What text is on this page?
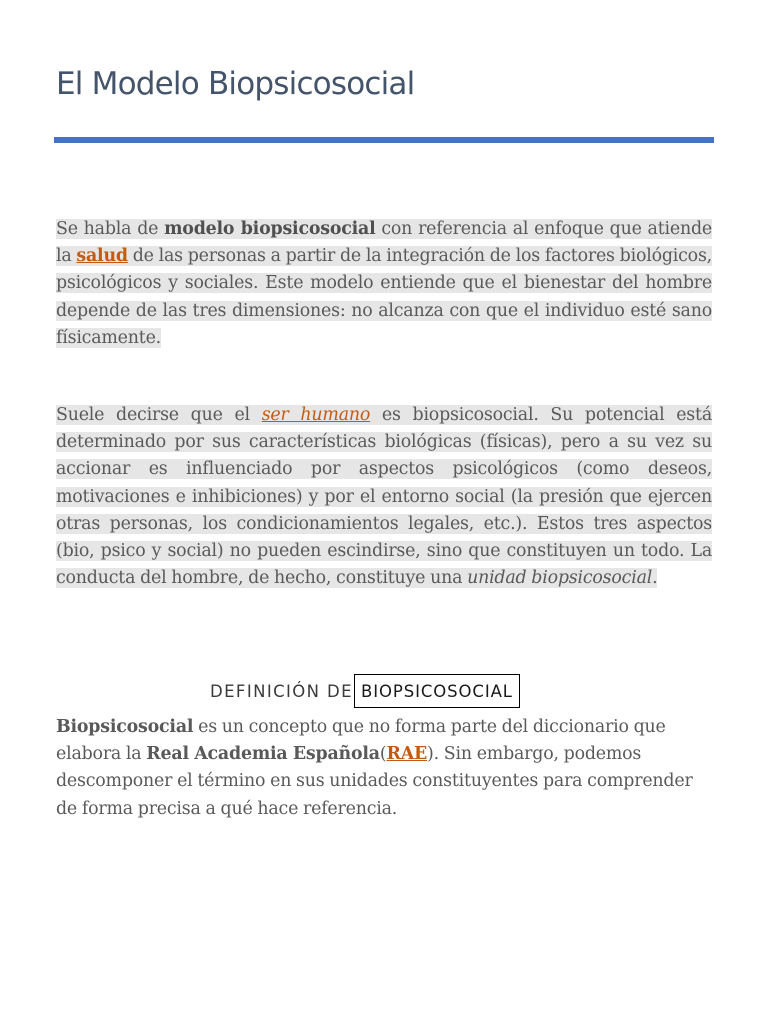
El Modelo Biopsicosocial

Se habla de modelo biopsicosocial con referencia al enfoque que atiende la salud de las personas a partir de la integración de los factores biológicos, psicológicos y sociales. Este modelo entiende que el bienestar del hombre depende de las tres dimensiones: no alcanza con que el individuo esté sano físicamente.

Suele decirse que el ser humano es biopsicosocial. Su potencial está determinado por sus características biológicas (físicas), pero a su vez su accionar es influenciado por aspectos psicológicos (como deseos, motivaciones e inhibiciones) y por el entorno social (la presión que ejercen otras personas, los condicionamientos legales, etc.). Estos tres aspectos (bio, psico y social) no pueden escindirse, sino que constituyen un todo. La conducta del hombre, de hecho, constituye una unidad biopsicosocial.

DEFINICIÓN DE BIOPSICOSOCIAL

Biopsicosocial es un concepto que no forma parte del diccionario que elabora la Real Academia Española(RAE). Sin embargo, podemos descomponer el término en sus unidades constituyentes para comprender de forma precisa a qué hace referencia.
